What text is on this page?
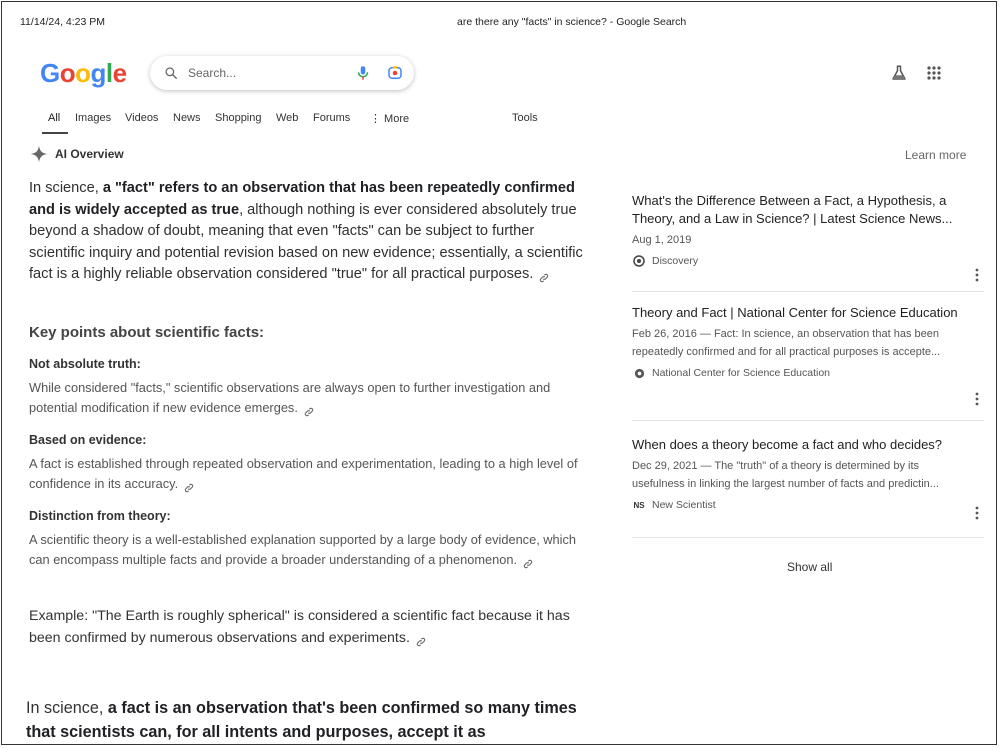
11/14/24, 4:23 PM	are there any "facts" in science? - Google Search
Google
Search...
All Images Videos News Shopping Web Forums ⋮ More	Tools
AI Overview	Learn more

In science, a "fact" refers to an observation that has been repeatedly confirmed and is widely accepted as true, although nothing is ever considered absolutely true beyond a shadow of doubt, meaning that even "facts" can be subject to further scientific inquiry and potential revision based on new evidence; essentially, a scientific fact is a highly reliable observation considered "true" for all practical purposes.

Key points about scientific facts:
Not absolute truth:
While considered "facts," scientific observations are always open to further investigation and potential modification if new evidence emerges.
Based on evidence:
A fact is established through repeated observation and experimentation, leading to a high level of confidence in its accuracy.
Distinction from theory:
A scientific theory is a well-established explanation supported by a large body of evidence, which can encompass multiple facts and provide a broader understanding of a phenomenon.
Example: "The Earth is roughly spherical" is considered a scientific fact because it has been confirmed by numerous observations and experiments.
In science, a fact is an observation that's been confirmed so many times that scientists can, for all intents and purposes, accept it as
What's the Difference Between a Fact, a Hypothesis, a Theory, and a Law in Science? | Latest Science News...
Aug 1, 2019
Discovery
Theory and Fact | National Center for Science Education
Feb 26, 2016 — Fact: In science, an observation that has been
repeatedly confirmed and for all practical purposes is accepte...
National Center for Science Education
When does a theory become a fact and who decides?
Dec 29, 2021 — The "truth" of a theory is determined by its
usefulness in linking the largest number of facts and predictin...
NS New Scientist
Show all
